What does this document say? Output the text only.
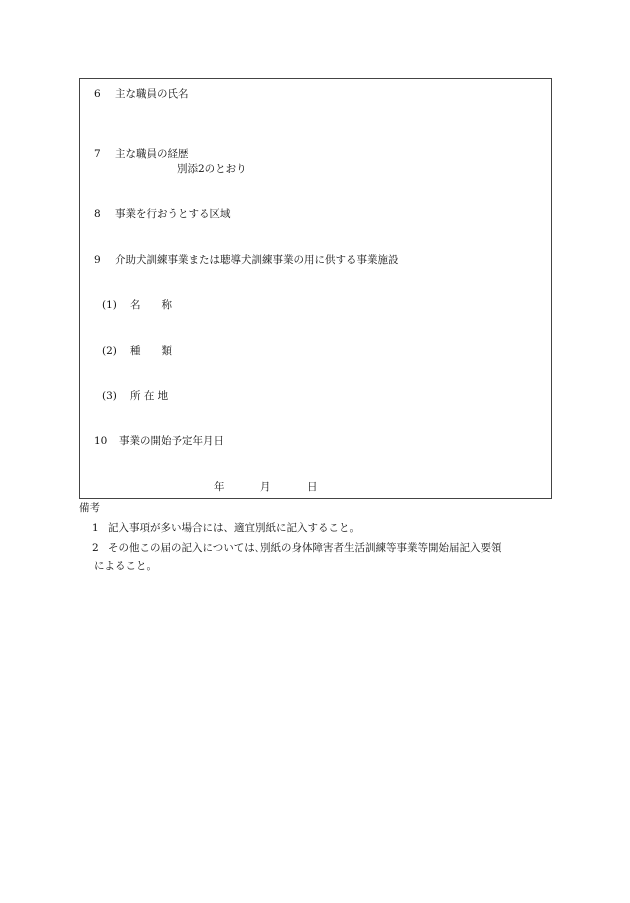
6 主な職員の氏名
7 主な職員の経歴
別添2のとおり
8 事業を行おうとする区域
9 介助犬訓練事業または聴導犬訓練事業の用に供する事業施設
(1) 名　　称
(2) 種　　類
(3) 所 在 地
10 事業の開始予定年月日
年	月	日
備考
1 記入事項が多い場合には、適宜別紙に記入すること。
2 その他この届の記入については､別紙の身体障害者生活訓練等事業等開始届記入要領
によること。
